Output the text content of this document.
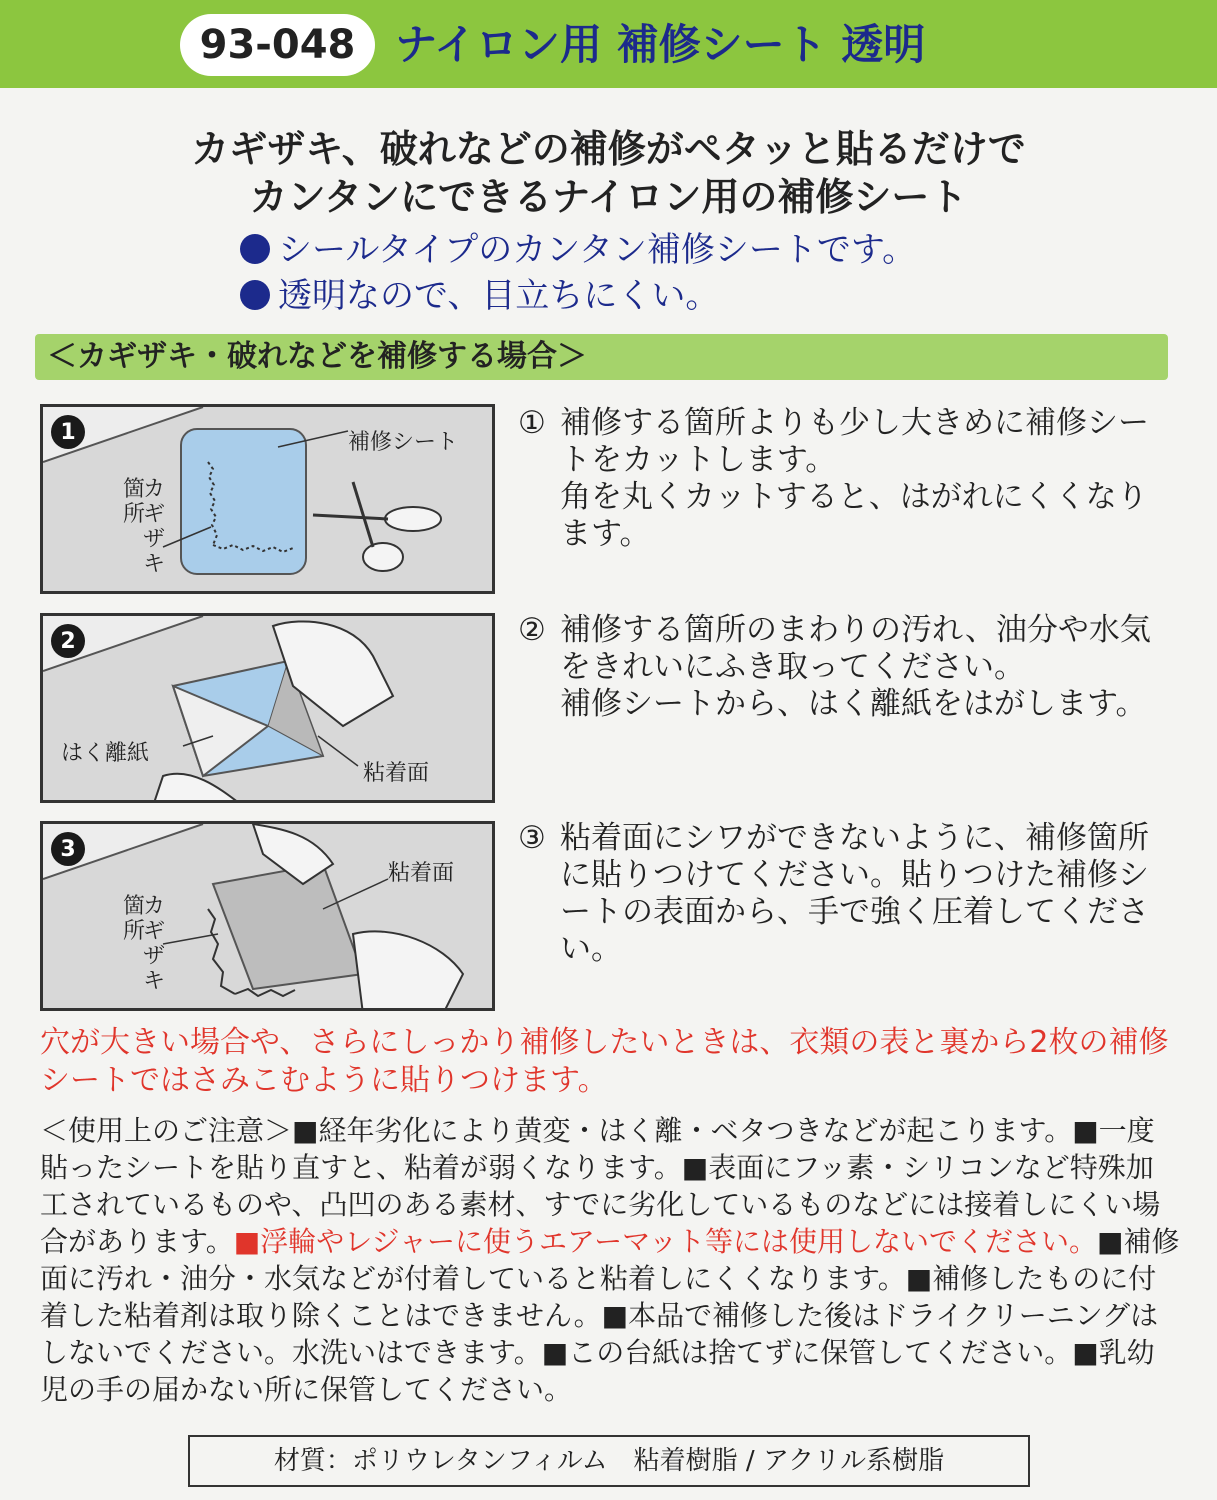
93-048 ナイロン用 補修シート 透明
カギザキ、破れなどの補修がペタッと貼るだけで
カンタンにできるナイロン用の補修シート
シールタイプのカンタン補修シートです。
透明なので、目立ちにくい。
＜カギザキ・破れなどを補修する場合＞
1	補修シート
箇所
カギザキ
2
はく離紙
粘着面
3
粘着面
箇所
カギザキ
① 補修する箇所よりも少し大きめに補修シートをカットします。
角を丸くカットすると、はがれにくくなります。
② 補修する箇所のまわりの汚れ、油分や水気をきれいにふき取ってください。
補修シートから、はく離紙をはがします。
③ 粘着面にシワができないように、補修箇所に貼りつけてください。貼りつけた補修シートの表面から、手で強く圧着してください。
穴が大きい場合や、さらにしっかり補修したいときは、衣類の表と裏から2枚の補修シートではさみこむように貼りつけます。
＜使用上のご注意＞■経年劣化により黄変・はく離・ベタつきなどが起こります。■一度貼ったシートを貼り直すと、粘着が弱くなります。■表面にフッ素・シリコンなど特殊加工されているものや、凸凹のある素材、すでに劣化しているものなどには接着しにくい場合があります。■浮輪やレジャーに使うエアーマット等には使用しないでください。■補修面に汚れ・油分・水気などが付着していると粘着しにくくなります。■補修したものに付着した粘着剤は取り除くことはできません。■本品で補修した後はドライクリーニングはしないでください。水洗いはできます。■この台紙は捨てずに保管してください。■乳幼児の手の届かない所に保管してください。
材質：ポリウレタンフィルム　粘着樹脂 / アクリル系樹脂
